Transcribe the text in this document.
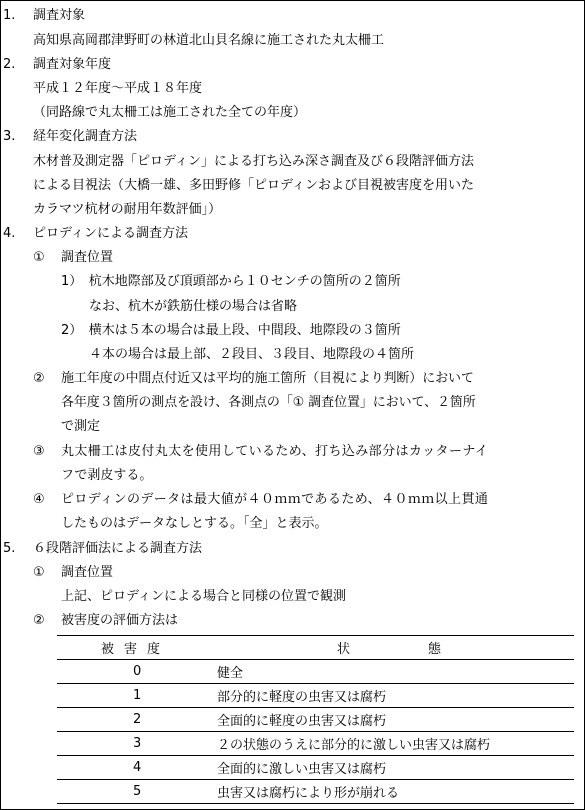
1. 調査対象
高知県高岡郡津野町の林道北山貝名線に施工された丸太柵工
2. 調査対象年度
平成１２年度～平成１８年度
（同路線で丸太柵工は施工された全ての年度）
3. 経年変化調査方法
木材普及測定器「ピロディン」による打ち込み深さ調査及び６段階評価方法
による目視法（大橋一雄、多田野修「ピロディンおよび目視被害度を用いた
カラマツ杭材の耐用年数評価」）
4. ピロディンによる調査方法
① 調査位置
1）　杭木地際部及び頂頭部から１０センチの箇所の２箇所
なお、杭木が鉄筋仕様の場合は省略
2）　横木は５本の場合は最上段、中間段、地際段の３箇所
４本の場合は最上部、２段目、３段目、地際段の４箇所
② 施工年度の中間点付近又は平均的施工箇所（目視により判断）において
各年度３箇所の測点を設け、各測点の「① 調査位置」において、２箇所
で測定
③ 丸太柵工は皮付丸太を使用しているため、打ち込み部分はカッターナイ
フで剥皮する。
④ ピロディンのデータは最大値が４０ｍｍであるため、４０ｍｍ以上貫通
したものはデータなしとする。「全」と表示。
5. ６段階評価法による調査方法
① 調査位置
上記、ピロディンによる場合と同様の位置で観測
② 被害度の評価方法は
被害度	状　　　　　　態
0	健全
1	部分的に軽度の虫害又は腐朽
2	全面的に軽度の虫害又は腐朽
3	２の状態のうえに部分的に激しい虫害又は腐朽
4	全面的に激しい虫害又は腐朽
5	虫害又は腐朽により形が崩れる
